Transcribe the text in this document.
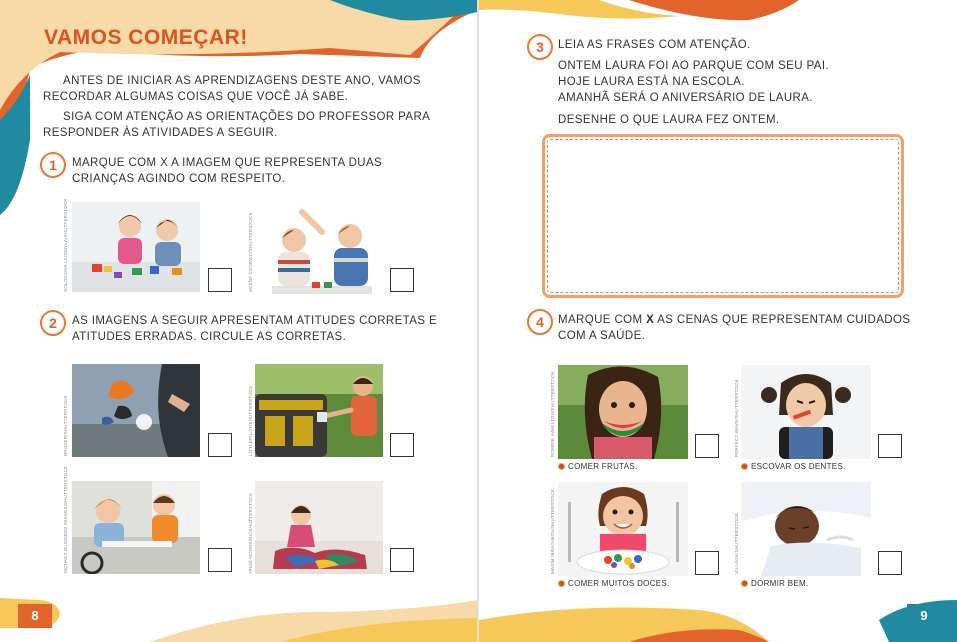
8
VAMOS COMEÇAR!
ANTES DE INICIAR AS APRENDIZAGENS DESTE ANO, VAMOS
RECORDAR ALGUMAS COISAS QUE VOCÊ JÁ SABE.
SIGA COM ATENÇÃO AS ORIENTAÇÕES DO PROFESSOR PARA
RESPONDER ÀS ATIVIDADES A SEGUIR.
1	MARQUE COM X A IMAGEM QUE REPRESENTA DUAS
CRIANÇAS AGINDO COM RESPEITO.
SOLOVIOVA LIUDMYLA/SHUTTERSTOCK	VESNA CVORVIC/SHUTTERSTOCK
2	AS IMAGENS A SEGUIR APRESENTAM ATITUDES CORRETAS E
ATITUDES ERRADAS. CIRCULE AS CORRETAS.
BROKER/SHUTTERSTOCK	LITTLEPILOT/SHUTTERSTOCK
MONKEY BUSINESS IMAGES/SHUTTERSTOCK	IRINA MOSHKINA/SHUTTERSTOCK
9
3	LEIA AS FRASES COM ATENÇÃO.
ONTEM LAURA FOI AO PARQUE COM SEU PAI.
HOJE LAURA ESTÁ NA ESCOLA.
AMANHÃ SERÁ O ANIVERSÁRIO DE LAURA.
DESENHE O QUE LAURA FEZ ONTEM.
4	MARQUE COM X AS CENAS QUE REPRESENTAM CUIDADOS
COM A SAÚDE.
ROMRIE HAMILTON/SHUTTERSTOCK
COMER FRUTAS.
PERFECT WAVE/SHUTTERSTOCK
ESCOVAR OS DENTES.
MAXIM IBRAGIMOV/SHUTTERSTOCK
COMER MUITOS DOCES.
VILLAGE/SHUTTERSTOCK
DORMIR BEM.
